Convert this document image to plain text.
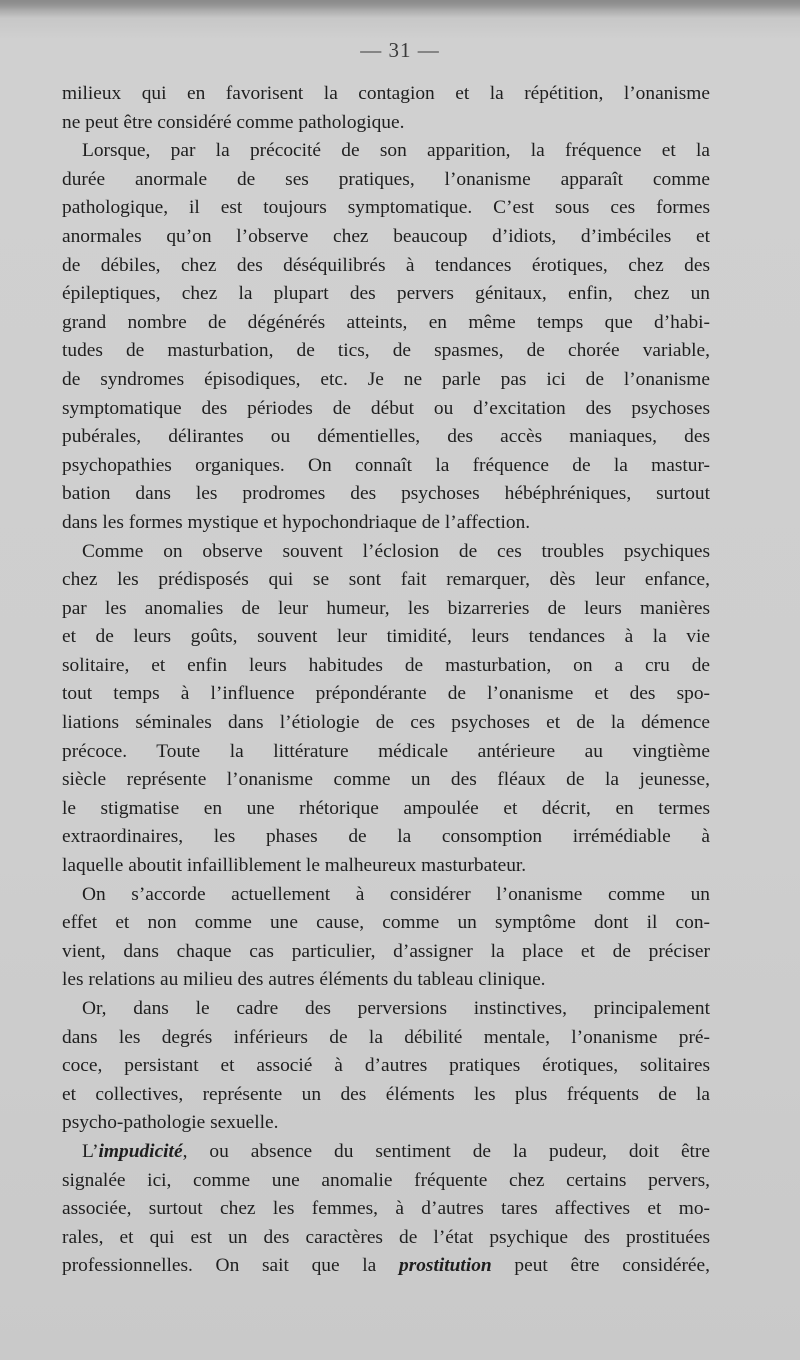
— 31 —
milieux qui en favorisent la contagion et la répétition, l’onanisme
ne peut être considéré comme pathologique.
Lorsque, par la précocité de son apparition, la fréquence et la
durée anormale de ses pratiques, l’onanisme apparaît comme
pathologique, il est toujours symptomatique. C’est sous ces formes
anormales qu’on l’observe chez beaucoup d’idiots, d’imbéciles et
de débiles, chez des déséquilibrés à tendances érotiques, chez des
épileptiques, chez la plupart des pervers génitaux, enfin, chez un
grand nombre de dégénérés atteints, en même temps que d’habi-
tudes de masturbation, de tics, de spasmes, de chorée variable,
de syndromes épisodiques, etc. Je ne parle pas ici de l’onanisme
symptomatique des périodes de début ou d’excitation des psychoses
pubérales, délirantes ou démentielles, des accès maniaques, des
psychopathies organiques. On connaît la fréquence de la mastur-
bation dans les prodromes des psychoses hébéphréniques, surtout
dans les formes mystique et hypochondriaque de l’affection.
Comme on observe souvent l’éclosion de ces troubles psychiques
chez les prédisposés qui se sont fait remarquer, dès leur enfance,
par les anomalies de leur humeur, les bizarreries de leurs manières
et de leurs goûts, souvent leur timidité, leurs tendances à la vie
solitaire, et enfin leurs habitudes de masturbation, on a cru de
tout temps à l’influence prépondérante de l’onanisme et des spo-
liations séminales dans l’étiologie de ces psychoses et de la démence
précoce. Toute la littérature médicale antérieure au vingtième
siècle représente l’onanisme comme un des fléaux de la jeunesse,
le stigmatise en une rhétorique ampoulée et décrit, en termes
extraordinaires, les phases de la consomption irrémédiable à
laquelle aboutit infailliblement le malheureux masturbateur.
On s’accorde actuellement à considérer l’onanisme comme un
effet et non comme une cause, comme un symptôme dont il con-
vient, dans chaque cas particulier, d’assigner la place et de préciser
les relations au milieu des autres éléments du tableau clinique.
Or, dans le cadre des perversions instinctives, principalement
dans les degrés inférieurs de la débilité mentale, l’onanisme pré-
coce, persistant et associé à d’autres pratiques érotiques, solitaires
et collectives, représente un des éléments les plus fréquents de la
psycho-pathologie sexuelle.
L’impudicité, ou absence du sentiment de la pudeur, doit être
signalée ici, comme une anomalie fréquente chez certains pervers,
associée, surtout chez les femmes, à d’autres tares affectives et mo-
rales, et qui est un des caractères de l’état psychique des prostituées
professionnelles. On sait que la prostitution peut être considérée,
